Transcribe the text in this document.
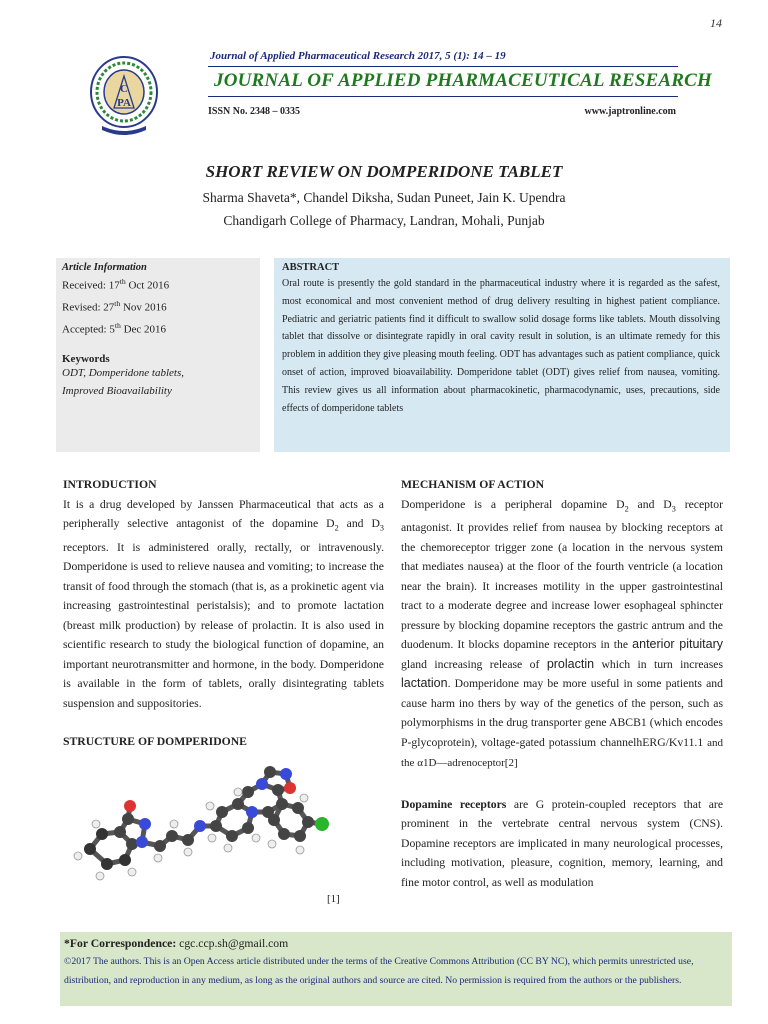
14
C
PA
Journal of Applied Pharmaceutical Research 2017, 5 (1): 14 – 19
JOURNAL OF APPLIED PHARMACEUTICAL RESEARCH
ISSN No. 2348 – 0335	www.japtronline.com
SHORT REVIEW ON DOMPERIDONE TABLET
Sharma Shaveta*, Chandel Diksha, Sudan Puneet, Jain K. Upendra
Chandigarh College of Pharmacy, Landran, Mohali, Punjab
Article Information
Received: 17th Oct 2016
Revised: 27th Nov 2016
Accepted: 5th Dec 2016
Keywords
ODT, Domperidone tablets,
Improved Bioavailability
ABSTRACT
Oral route is presently the gold standard in the pharmaceutical industry where it is regarded as the safest, most economical and most convenient method of drug delivery resulting in highest patient compliance. Pediatric and geriatric patients find it difficult to swallow solid dosage forms like tablets. Mouth dissolving tablet that dissolve or disintegrate rapidly in oral cavity result in solution, is an ultimate remedy for this problem in addition they give pleasing mouth feeling. ODT has advantages such as patient compliance, quick onset of action, improved bioavailability. Domperidone tablet (ODT) gives relief from nausea, vomiting. This review gives us all information about pharmacokinetic, pharmacodynamic, uses, precautions, side effects of domperidone tablets
INTRODUCTION
It is a drug developed by Janssen Pharmaceutical that acts as a peripherally selective antagonist of the dopamine $D_2$ and $D_3$ receptors. It is administered orally, rectally, or intravenously. Domperidone is used to relieve nausea and vomiting; to increase the transit of food through the stomach (that is, as a prokinetic agent via increasing gastrointestinal peristalsis); and to promote lactation (breast milk production) by release of prolactin. It is also used in scientific research to study the biological function of dopamine, an important neurotransmitter and hormone, in the body. Domperidone is available in the form of tablets, orally disintegrating tablets suspension and suppositories.
STRUCTURE OF DOMPERIDONE
[1]
MECHANISM OF ACTION
Domperidone is a peripheral dopamine $D_2$ and $D_3$ receptor antagonist. It provides relief from nausea by blocking receptors at the chemoreceptor trigger zone (a location in the nervous system that mediates nausea) at the floor of the fourth ventricle (a location near the brain). It increases motility in the upper gastrointestinal tract to a moderate degree and increase lower esophageal sphincter pressure by blocking dopamine receptors the gastric antrum and the duodenum. It blocks dopamine receptors in the anterior pituitary gland increasing release of prolactin which in turn increases lactation. Domperidone may be more useful in some patients and cause harm ino thers by way of the genetics of the person, such as polymorphisms in the drug transporter gene ABCB1 (which encodes P-glycoprotein), voltage-gated potassium channelhERG/Kv11.1 and the α1D—adrenoceptor[2]
Dopamine receptors are G protein-coupled receptors that are prominent in the vertebrate central nervous system (CNS). Dopamine receptors are implicated in many neurological processes, including motivation, pleasure, cognition, memory, learning, and fine motor control, as well as modulation
*For Correspondence: cgc.ccp.sh@gmail.com
©2017 The authors. This is an Open Access article distributed under the terms of the Creative Commons Attribution (CC BY NC), which permits unrestricted use, distribution, and reproduction in any medium, as long as the original authors and source are cited. No permission is required from the authors or the publishers.
